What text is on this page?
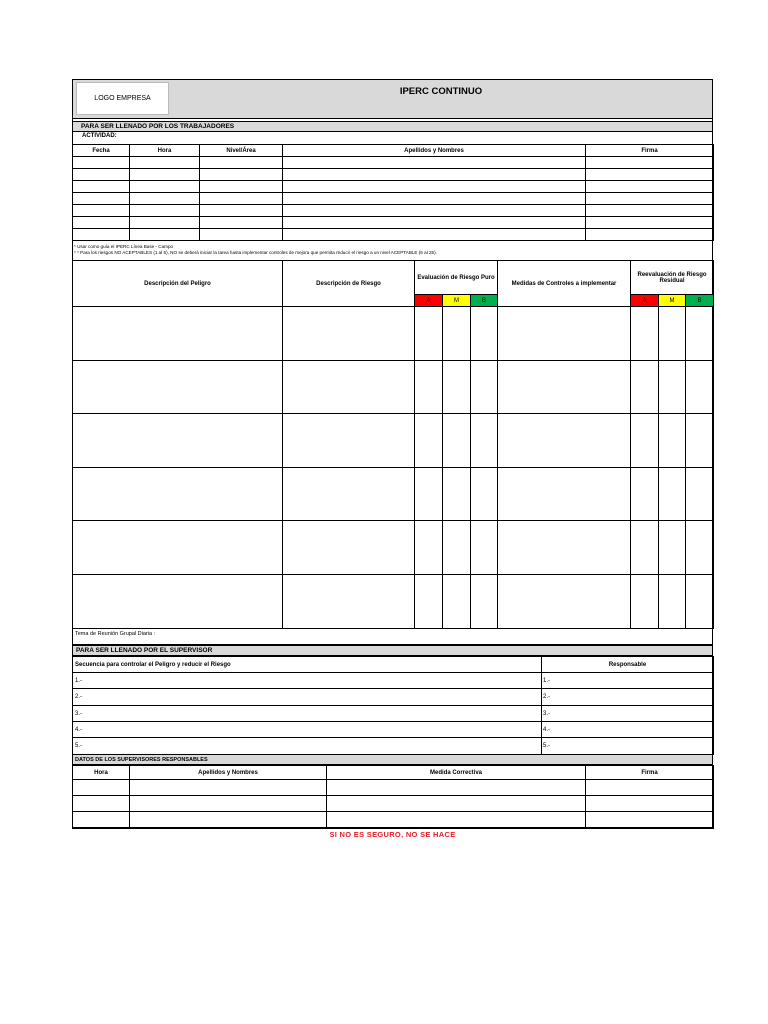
LOGO EMPRESA
IPERC CONTINUO
PARA SER LLENADO POR LOS TRABAJADORES
ACTIVIDAD:
Fecha	Hora	Nivel/Área	Apellidos y Nombres	Firma

* Usar como guía el IPERC Línea Base - Campo
* * Para los riesgos NO ACEPTABLES (1 al 5), NO se deberá iniciar la tarea hasta implementar controles de mejora que permita reducir el riesgo a un nivel ACEPTABLE (6 al 25).
Descripción del Peligro	Descripción de Riesgo	Evaluación de Riesgo Puro			Medidas de Controles a implementar	Reevaluación de Riesgo Residual		
		A	M	B		A	M	B

Tema de Reunión Grupal Diaria :
PARA SER LLENADO POR EL SUPERVISOR
Secuencia para controlar el Peligro y reducir el Riesgo	Responsable
1.-	1.-
2.-	2.-
3.-	3.-
4.-	4.-
5.-	5.-
DATOS DE LOS SUPERVISORES RESPONSABLES
Hora	Apellidos y Nombres	Medida Correctiva	Firma

SI NO ES SEGURO, NO SE HACE
